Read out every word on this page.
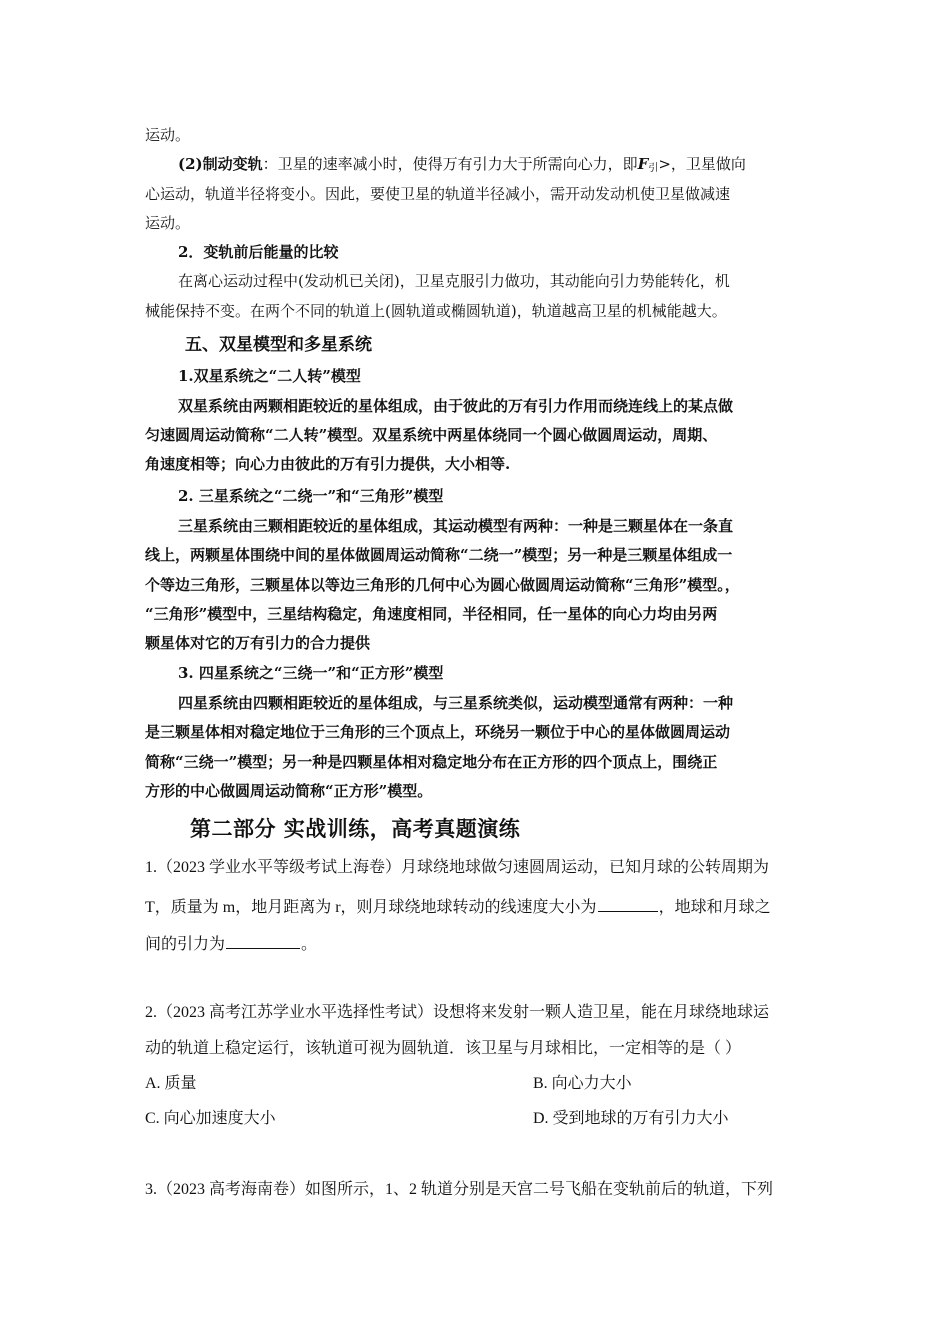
运动。
(2)制动变轨：卫星的速率减小时，使得万有引力大于所需向心力，即F引>，卫星做向
心运动，轨道半径将变小。因此，要使卫星的轨道半径减小，需开动发动机使卫星做减速
运动。
2．变轨前后能量的比较
在离心运动过程中(发动机已关闭)，卫星克服引力做功，其动能向引力势能转化，机
械能保持不变。在两个不同的轨道上(圆轨道或椭圆轨道)，轨道越高卫星的机械能越大。
五、双星模型和多星系统
1.双星系统之“二人转”模型
双星系统由两颗相距较近的星体组成，由于彼此的万有引力作用而绕连线上的某点做
匀速圆周运动简称“二人转”模型。双星系统中两星体绕同一个圆心做圆周运动，周期、
角速度相等；向心力由彼此的万有引力提供，大小相等.
2. 三星系统之“二绕一”和“三角形”模型
三星系统由三颗相距较近的星体组成，其运动模型有两种：一种是三颗星体在一条直
线上，两颗星体围绕中间的星体做圆周运动简称“二绕一”模型；另一种是三颗星体组成一
个等边三角形，三颗星体以等边三角形的几何中心为圆心做圆周运动简称“三角形”模型。，
“三角形”模型中，三星结构稳定，角速度相同，半径相同，任一星体的向心力均由另两
颗星体对它的万有引力的合力提供
3. 四星系统之“三绕一”和“正方形”模型
四星系统由四颗相距较近的星体组成，与三星系统类似，运动模型通常有两种：一种
是三颗星体相对稳定地位于三角形的三个顶点上，环绕另一颗位于中心的星体做圆周运动
简称“三绕一”模型；另一种是四颗星体相对稳定地分布在正方形的四个顶点上，围绕正
方形的中心做圆周运动简称“正方形”模型。
第二部分 实战训练，高考真题演练
1.（2023 学业水平等级考试上海卷）月球绕地球做匀速圆周运动，已知月球的公转周期为
T，质量为 m，地月距离为 r，则月球绕地球转动的线速度大小为	，地球和月球之
间的引力为	。
2.（2023 高考江苏学业水平选择性考试）设想将来发射一颗人造卫星，能在月球绕地球运
动的轨道上稳定运行，该轨道可视为圆轨道．该卫星与月球相比，一定相等的是（ ）
A. 质量	B. 向心力大小
C. 向心加速度大小	D. 受到地球的万有引力大小
3.（2023 高考海南卷）如图所示，1、2 轨道分别是天宫二号飞船在变轨前后的轨道，下列
